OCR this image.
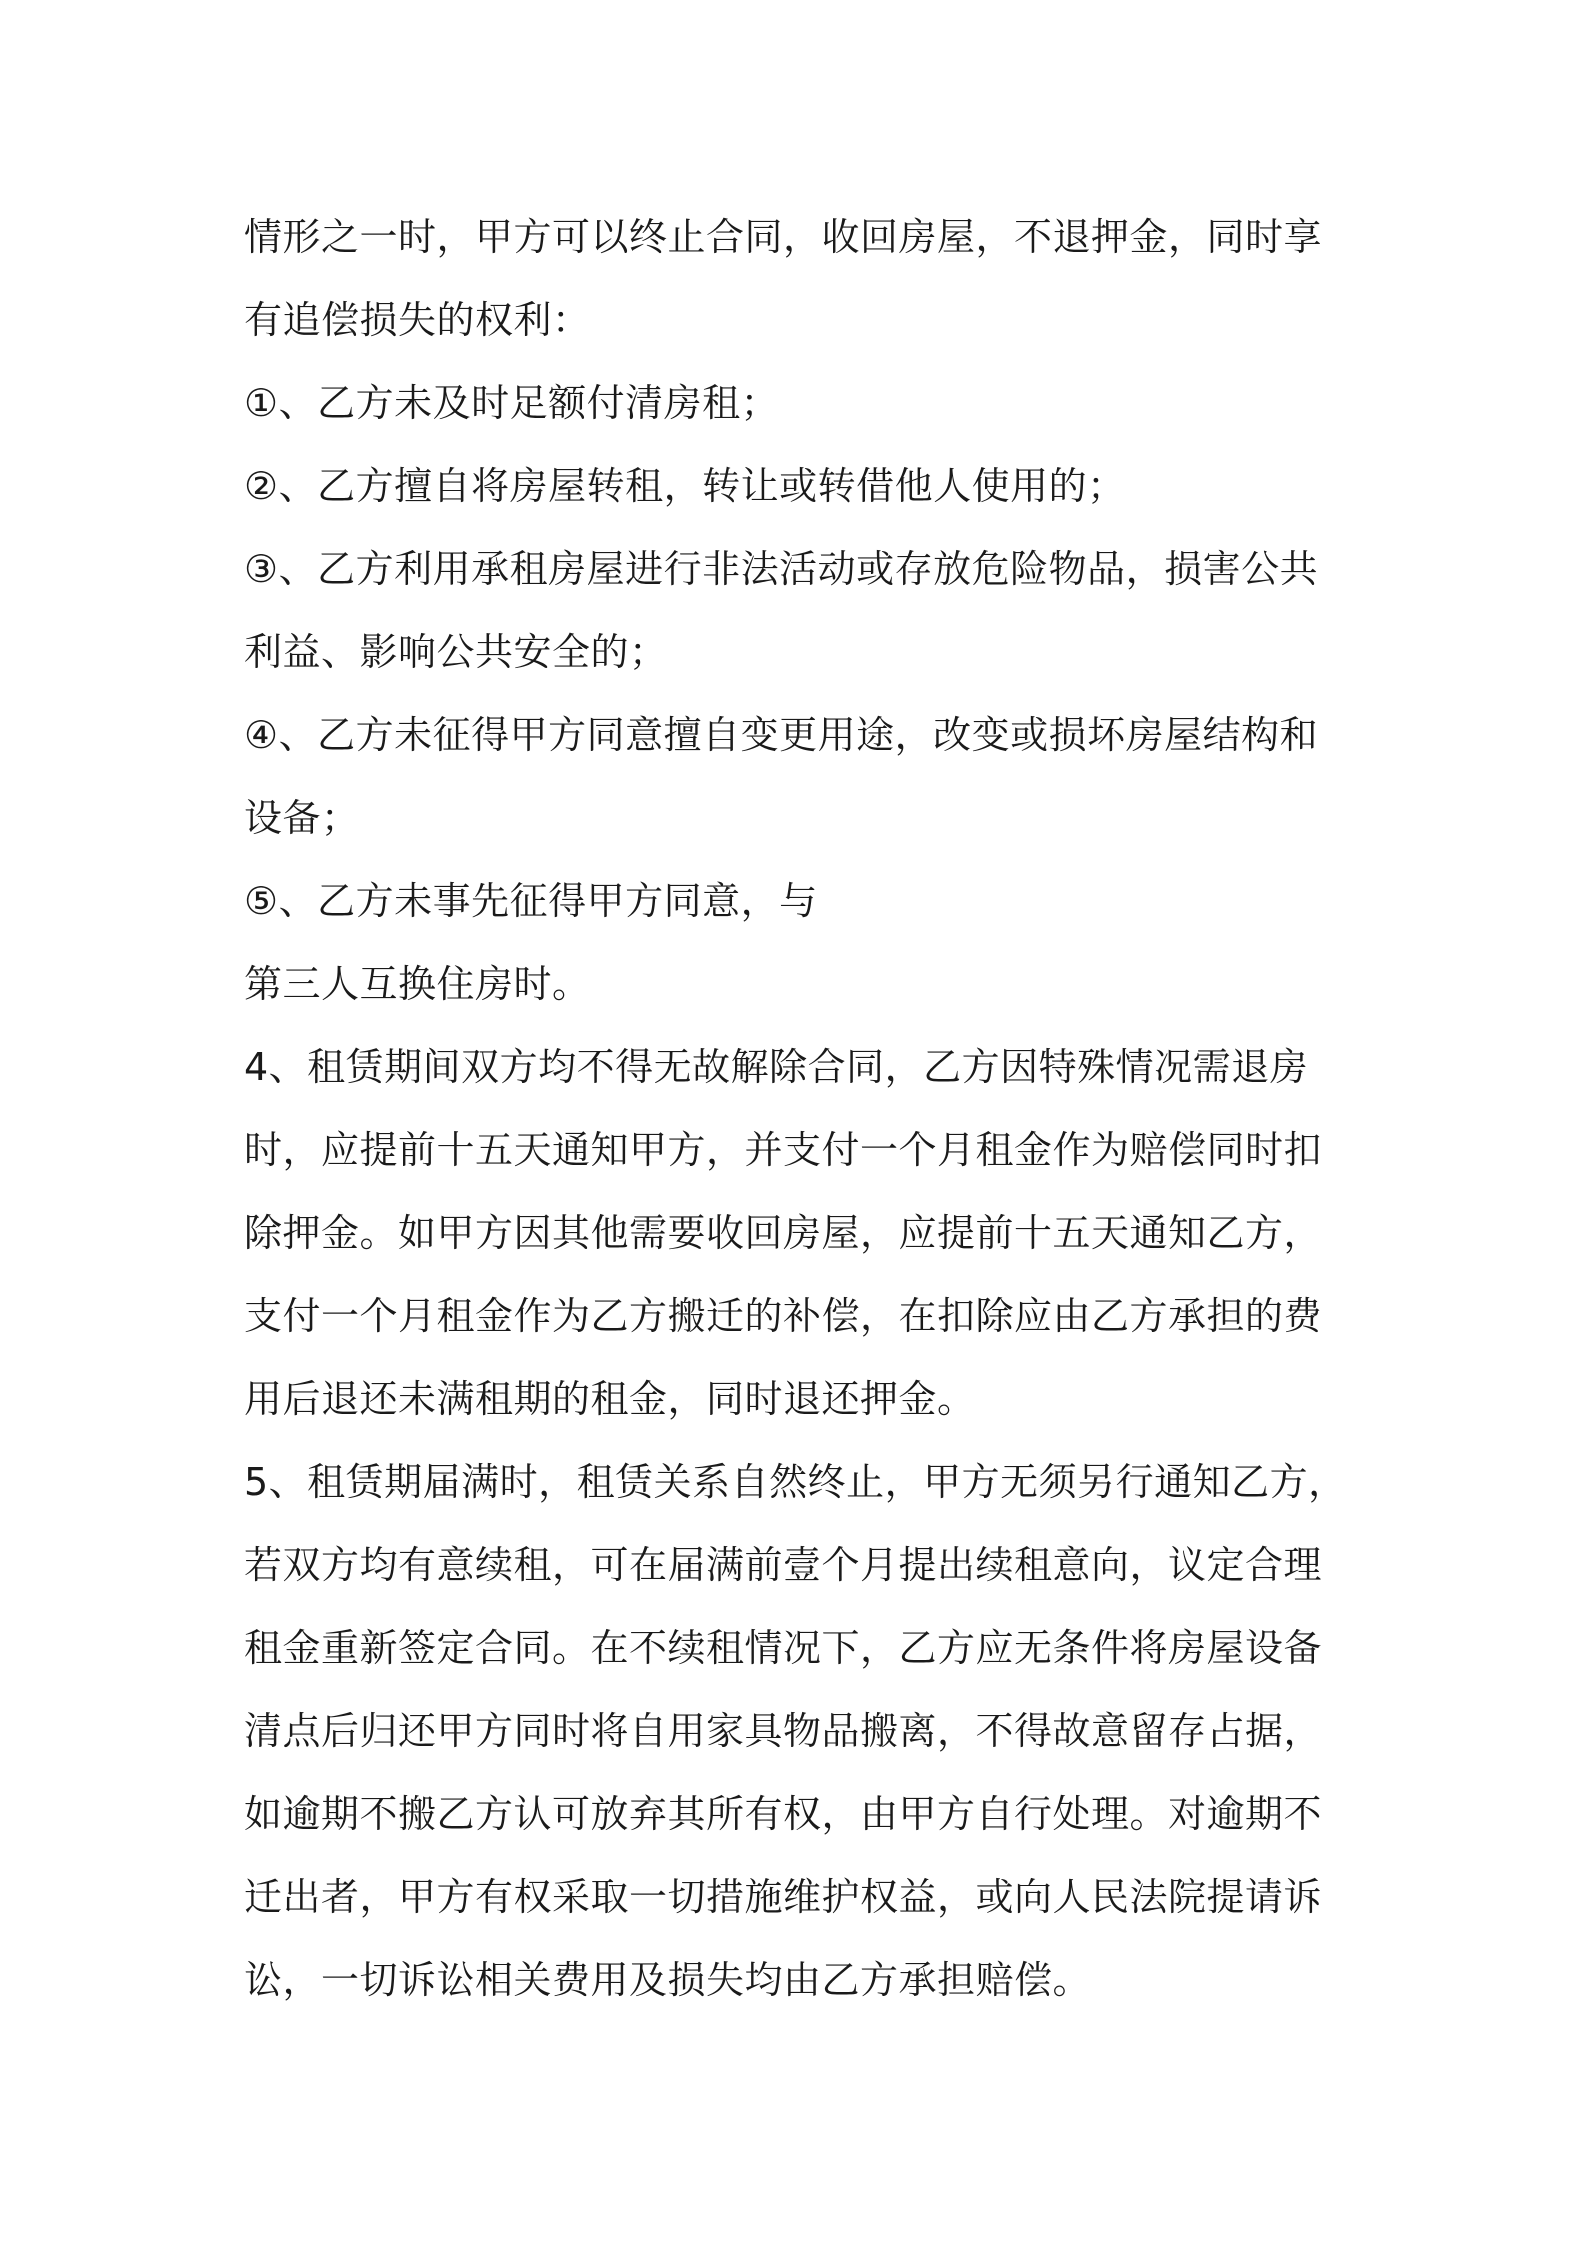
情形之一时，甲方可以终止合同，收回房屋，不退押金，同时享
有追偿损失的权利：
①、乙方未及时足额付清房租；
②、乙方擅自将房屋转租，转让或转借他人使用的；
③、乙方利用承租房屋进行非法活动或存放危险物品，损害公共
利益、影响公共安全的；
④、乙方未征得甲方同意擅自变更用途，改变或损坏房屋结构和
设备；
⑤、乙方未事先征得甲方同意，与
第三人互换住房时。
4、租赁期间双方均不得无故解除合同，乙方因特殊情况需退房
时，应提前十五天通知甲方，并支付一个月租金作为赔偿同时扣
除押金。如甲方因其他需要收回房屋，应提前十五天通知乙方，
支付一个月租金作为乙方搬迁的补偿，在扣除应由乙方承担的费
用后退还未满租期的租金，同时退还押金。
5、租赁期届满时，租赁关系自然终止，甲方无须另行通知乙方，
若双方均有意续租，可在届满前壹个月提出续租意向，议定合理
租金重新签定合同。在不续租情况下，乙方应无条件将房屋设备
清点后归还甲方同时将自用家具物品搬离，不得故意留存占据，
如逾期不搬乙方认可放弃其所有权，由甲方自行处理。对逾期不
迁出者，甲方有权采取一切措施维护权益，或向人民法院提请诉
讼，一切诉讼相关费用及损失均由乙方承担赔偿。
